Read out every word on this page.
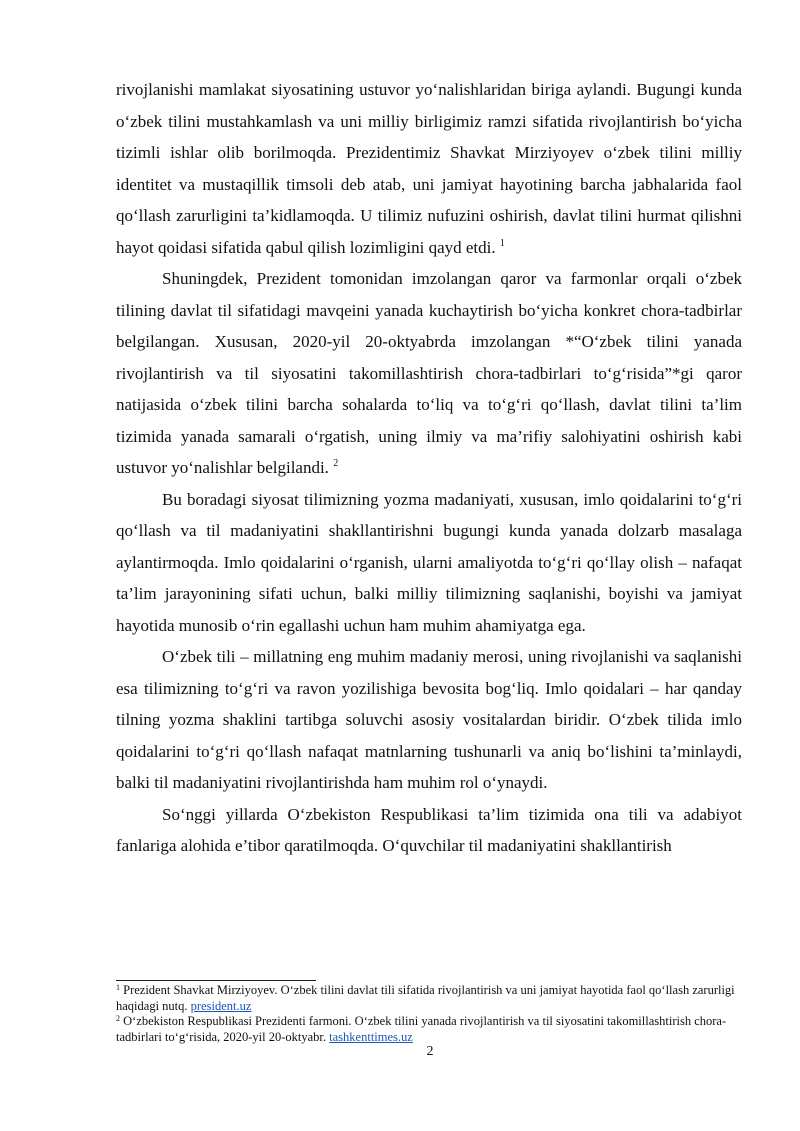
rivojlanishi mamlakat siyosatining ustuvor yo‘nalishlaridan biriga aylandi. Bugungi kunda o‘zbek tilini mustahkamlash va uni milliy birligimiz ramzi sifatida rivojlantirish bo‘yicha tizimli ishlar olib borilmoqda. Prezidentimiz Shavkat Mirziyoyev o‘zbek tilini milliy identitet va mustaqillik timsoli deb atab, uni jamiyat hayotining barcha jabhalarida faol qo‘llash zarurligini ta’kidlamoqda. U tilimiz nufuzini oshirish, davlat tilini hurmat qilishni hayot qoidasi sifatida qabul qilish lozimligini qayd etdi. $^1$

Shuningdek, Prezident tomonidan imzolangan qaror va farmonlar orqali o‘zbek tilining davlat til sifatidagi mavqeini yanada kuchaytirish bo‘yicha konkret chora-tadbirlar belgilangan. Xususan, 2020-yil 20-oktyabrda imzolangan *“O‘zbek tilini yanada rivojlantirish va til siyosatini takomillashtirish chora-tadbirlari to‘g‘risida”*gi qaror natijasida o‘zbek tilini barcha sohalarda to‘liq va to‘g‘ri qo‘llash, davlat tilini ta’lim tizimida yanada samarali o‘rgatish, uning ilmiy va ma’rifiy salohiyatini oshirish kabi ustuvor yo‘nalishlar belgilandi. $^2$

Bu boradagi siyosat tilimizning yozma madaniyati, xususan, imlo qoidalarini to‘g‘ri qo‘llash va til madaniyatini shakllantirishni bugungi kunda yanada dolzarb masalaga aylantirmoqda. Imlo qoidalarini o‘rganish, ularni amaliyotda to‘g‘ri qo‘llay olish – nafaqat ta’lim jarayonining sifati uchun, balki milliy tilimizning saqlanishi, boyishi va jamiyat hayotida munosib o‘rin egallashi uchun ham muhim ahamiyatga ega.

O‘zbek tili – millatning eng muhim madaniy merosi, uning rivojlanishi va saqlanishi esa tilimizning to‘g‘ri va ravon yozilishiga bevosita bog‘liq. Imlo qoidalari – har qanday tilning yozma shaklini tartibga soluvchi asosiy vositalardan biridir. O‘zbek tilida imlo qoidalarini to‘g‘ri qo‘llash nafaqat matnlarning tushunarli va aniq bo‘lishini ta’minlaydi, balki til madaniyatini rivojlantirishda ham muhim rol o‘ynaydi.

So‘nggi yillarda O‘zbekiston Respublikasi ta’lim tizimida ona tili va adabiyot fanlariga alohida e’tibor qaratilmoqda. O‘quvchilar til madaniyatini shakllantirish

$^1$ Prezident Shavkat Mirziyoyev. O‘zbek tilini davlat tili sifatida rivojlantirish va uni jamiyat hayotida faol qo‘llash zarurligi haqidagi nutq. president.uz

$^2$ O‘zbekiston Respublikasi Prezidenti farmoni. O‘zbek tilini yanada rivojlantirish va til siyosatini takomillashtirish chora-tadbirlari to‘g‘risida, 2020-yil 20-oktyabr. tashkenttimes.uz

2
